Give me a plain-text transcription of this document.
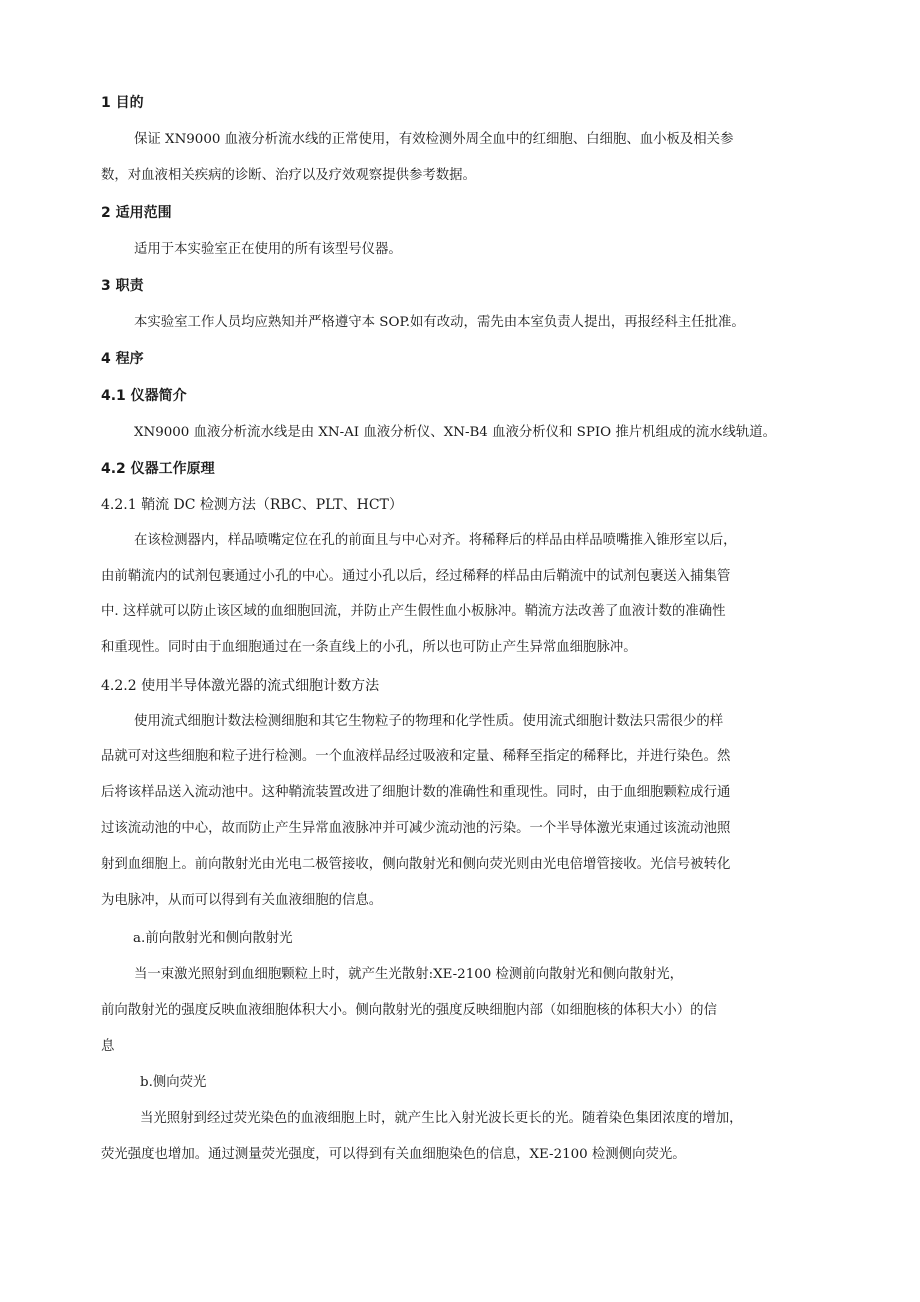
1 目的
保证 XN9000 血液分析流水线的正常使用，有效检测外周全血中的红细胞、白细胞、血小板及相关参
数，对血液相关疾病的诊断、治疗以及疗效观察提供参考数据。
2 适用范围
适用于本实验室正在使用的所有该型号仪器。
3 职责
本实验室工作人员均应熟知并严格遵守本 SOP.如有改动，需先由本室负责人提出，再报经科主任批准。
4 程序
4.1 仪器简介
XN9000 血液分析流水线是由 XN-AI 血液分析仪、XN-B4 血液分析仪和 SPIO 推片机组成的流水线轨道。
4.2 仪器工作原理
4.2.1 鞘流 DC 检测方法（RBC、PLT、HCT）
在该检测器内，样品喷嘴定位在孔的前面且与中心对齐。将稀释后的样品由样品喷嘴推入锥形室以后，
由前鞘流内的试剂包裹通过小孔的中心。通过小孔以后，经过稀释的样品由后鞘流中的试剂包裹送入捕集管
中. 这样就可以防止该区域的血细胞回流，并防止产生假性血小板脉冲。鞘流方法改善了血液计数的准确性
和重现性。同时由于血细胞通过在一条直线上的小孔，所以也可防止产生异常血细胞脉冲。
4.2.2 使用半导体激光器的流式细胞计数方法
使用流式细胞计数法检测细胞和其它生物粒子的物理和化学性质。使用流式细胞计数法只需很少的样
品就可对这些细胞和粒子进行检测。一个血液样品经过吸液和定量、稀释至指定的稀释比，并进行染色。然
后将该样品送入流动池中。这种鞘流装置改进了细胞计数的准确性和重现性。同时，由于血细胞颗粒成行通
过该流动池的中心，故而防止产生异常血液脉冲并可减少流动池的污染。一个半导体激光束通过该流动池照
射到血细胞上。前向散射光由光电二极管接收，侧向散射光和侧向荧光则由光电倍增管接收。光信号被转化
为电脉冲，从而可以得到有关血液细胞的信息。
a.前向散射光和侧向散射光
当一束激光照射到血细胞颗粒上时，就产生光散射:XE-2100 检测前向散射光和侧向散射光，
前向散射光的强度反映血液细胞体积大小。侧向散射光的强度反映细胞内部（如细胞核的体积大小）的信
息
b.侧向荧光
当光照射到经过荧光染色的血液细胞上时，就产生比入射光波长更长的光。随着染色集团浓度的增加，
荧光强度也增加。通过测量荧光强度，可以得到有关血细胞染色的信息，XE-2100 检测侧向荧光。
